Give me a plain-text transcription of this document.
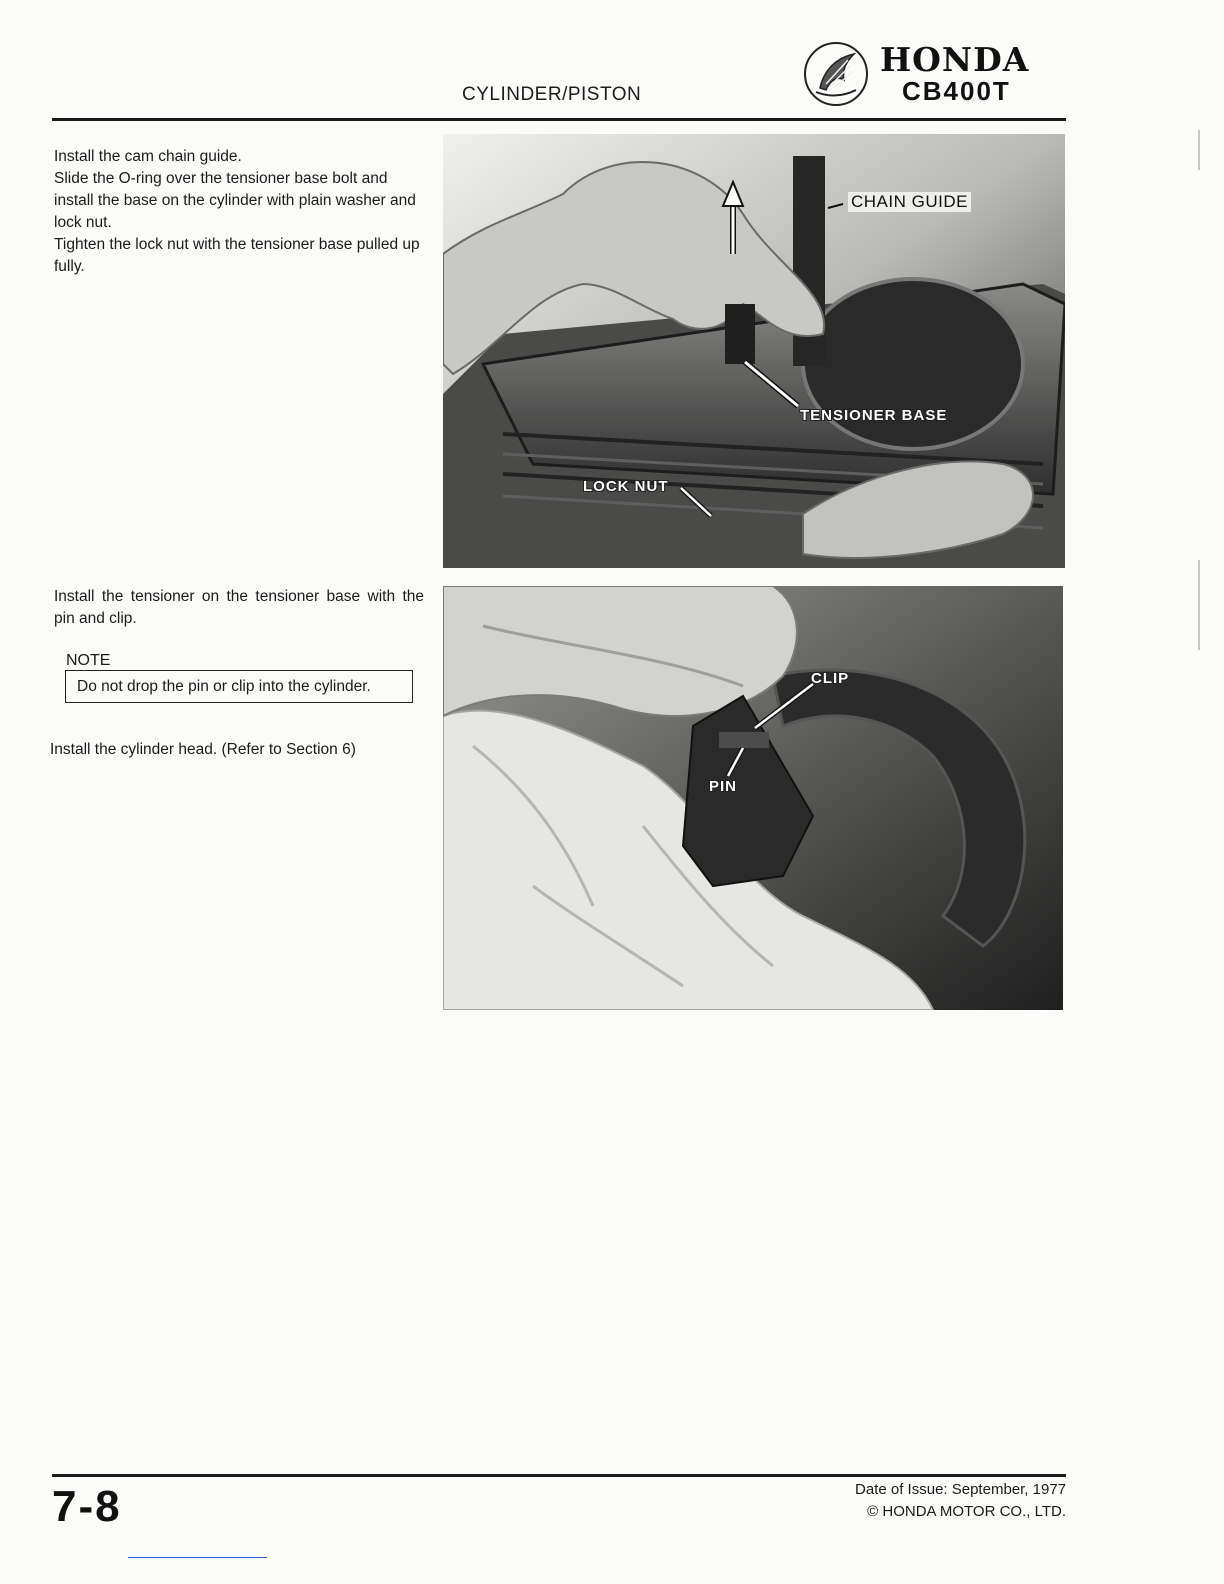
CYLINDER/PISTON
HONDA
CB400T
Install the cam chain guide.
Slide the O-ring over the tensioner base bolt and install the base on the cylinder with plain washer and lock nut.
Tighten the lock nut with the tensioner base pulled up fully.
Install the tensioner on the tensioner base with the pin and clip.
NOTE
Do not drop the pin or clip into the cylinder.
Install the cylinder head. (Refer to Section 6)
CHAIN GUIDE
TENSIONER BASE
LOCK NUT
CLIP
PIN
7-8	Date of Issue: September, 1977
© HONDA MOTOR CO., LTD.
